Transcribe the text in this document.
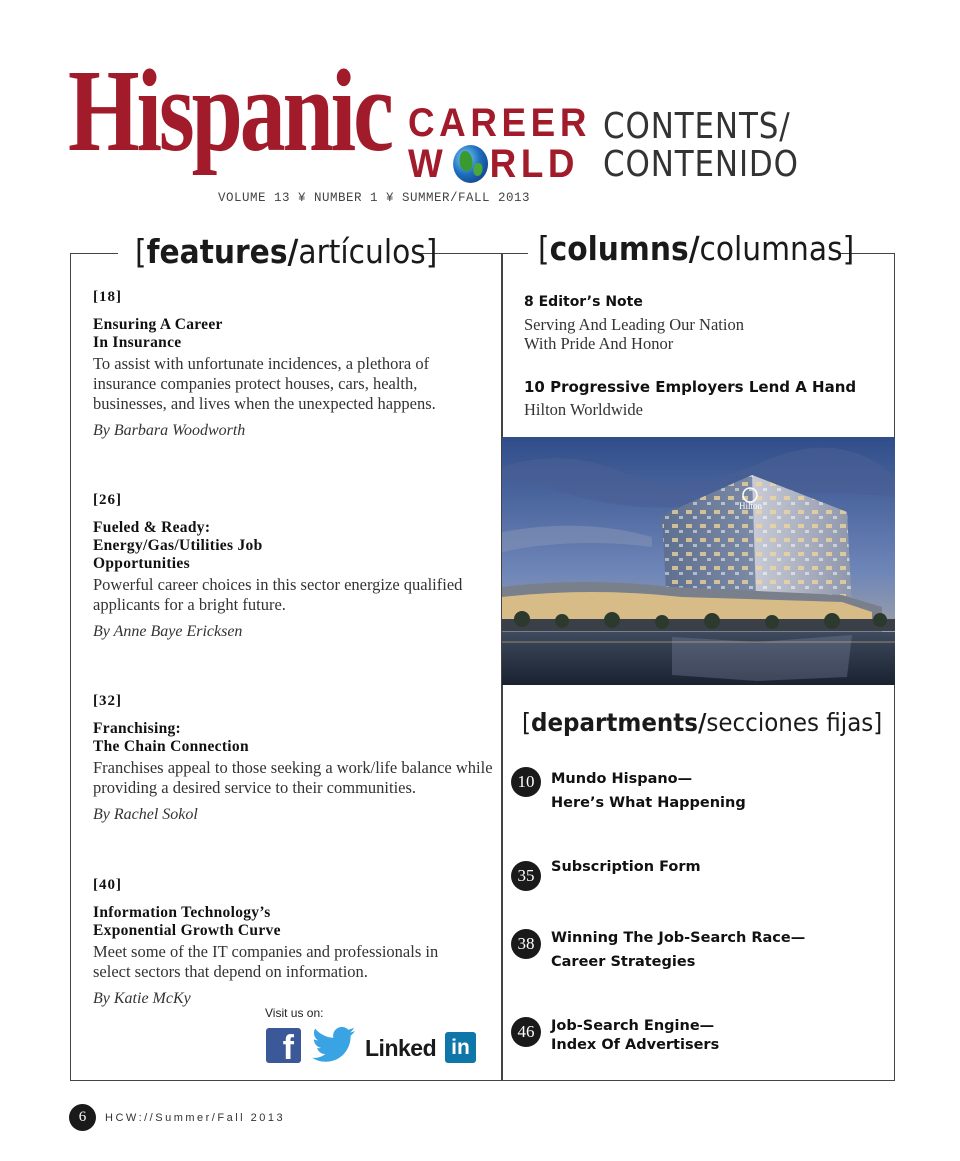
Hispanic CAREER
W RLD
VOLUME 13 ¥ NUMBER 1 ¥ SUMMER/FALL 2013
CONTENTS/
CONTENIDO
[features/artículos]	[columns/columnas]
[departments/secciones fijas]
[18]
Ensuring A Career
In Insurance
To assist with unfortunate incidences, a plethora of insurance companies protect houses, cars, health, businesses, and lives when the unexpected happens.
By Barbara Woodworth
[26]
Fueled & Ready:
Energy/Gas/Utilities Job
Opportunities
Powerful career choices in this sector energize qualified applicants for a bright future.
By Anne Baye Ericksen
[32]
Franchising:
The Chain Connection
Franchises appeal to those seeking a work/life balance while providing a desired service to their communities.
By Rachel Sokol
[40]
Information Technology’s
Exponential Growth Curve
Meet some of the IT companies and professionals in select sectors that depend on information.
By Katie McKy
8 Editor’s Note
Serving And Leading Our Nation
With Pride And Honor
10 Progressive Employers Lend A Hand
Hilton Worldwide
Hilton
10	Mundo Hispano—
Here’s What Happening
35	Subscription Form
38	Winning The Job-Search Race—
Career Strategies
46	Job-Search Engine—
Index Of Advertisers
Visit us on:
f	Linked in
6	HCW://Summer/Fall 2013
